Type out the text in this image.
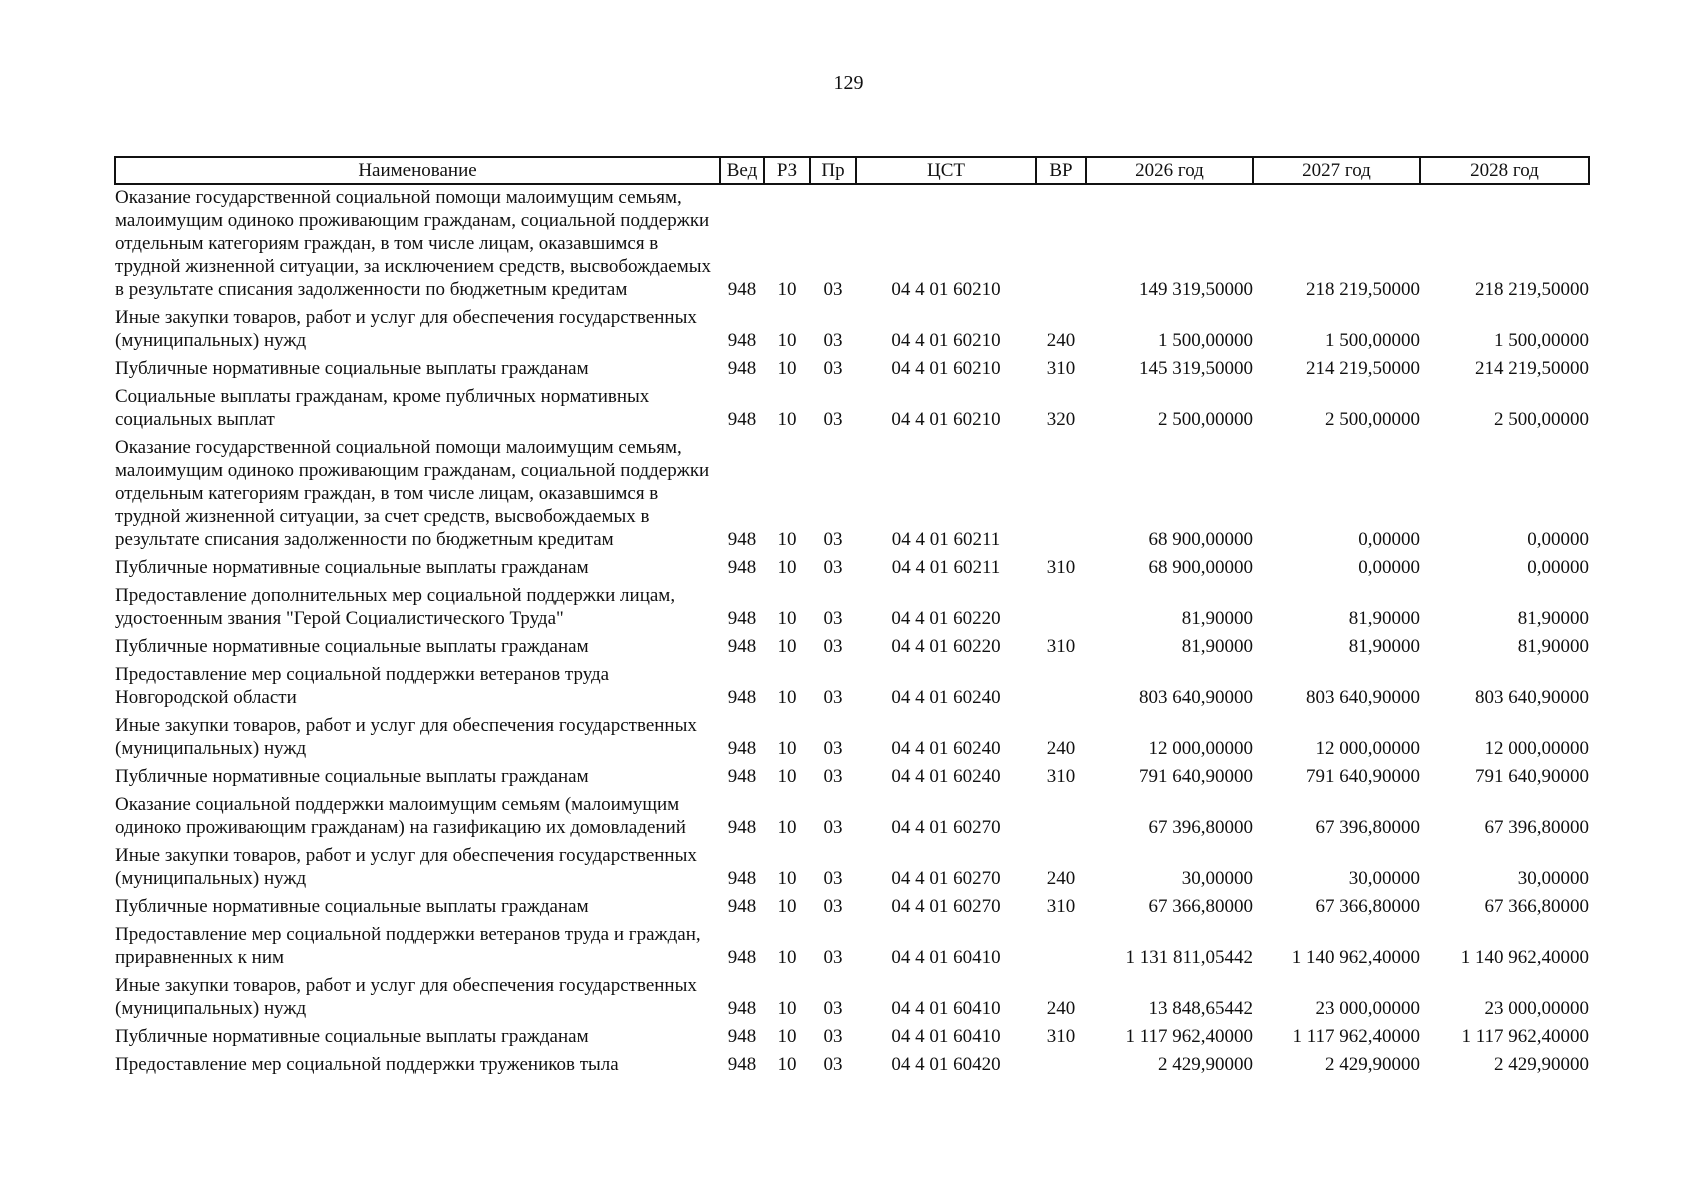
129
Наименование	Вед	РЗ	Пр	ЦСТ	ВР	2026 год	2027 год	2028 год
Оказание государственной социальной помощи малоимущим семьям, малоимущим одиноко проживающим гражданам, социальной поддержки отдельным категориям граждан, в том числе лицам, оказавшимся в трудной жизненной ситуации, за исключением средств, высвобождаемых в результате списания задолженности по бюджетным кредитам	948	10	03	04 4 01 60210		149 319,50000	218 219,50000	218 219,50000
Иные закупки товаров, работ и услуг для обеспечения государственных (муниципальных) нужд	948	10	03	04 4 01 60210	240	1 500,00000	1 500,00000	1 500,00000
Публичные нормативные социальные выплаты гражданам	948	10	03	04 4 01 60210	310	145 319,50000	214 219,50000	214 219,50000
Социальные выплаты гражданам, кроме публичных нормативных социальных выплат	948	10	03	04 4 01 60210	320	2 500,00000	2 500,00000	2 500,00000
Оказание государственной социальной помощи малоимущим семьям, малоимущим одиноко проживающим гражданам, социальной поддержки отдельным категориям граждан, в том числе лицам, оказавшимся в трудной жизненной ситуации, за счет средств, высвобождаемых в результате списания задолженности по бюджетным кредитам	948	10	03	04 4 01 60211		68 900,00000	0,00000	0,00000
Публичные нормативные социальные выплаты гражданам	948	10	03	04 4 01 60211	310	68 900,00000	0,00000	0,00000
Предоставление дополнительных мер социальной поддержки лицам, удостоенным звания "Герой Социалистического Труда"	948	10	03	04 4 01 60220		81,90000	81,90000	81,90000
Публичные нормативные социальные выплаты гражданам	948	10	03	04 4 01 60220	310	81,90000	81,90000	81,90000
Предоставление мер социальной поддержки ветеранов труда Новгородской области	948	10	03	04 4 01 60240		803 640,90000	803 640,90000	803 640,90000
Иные закупки товаров, работ и услуг для обеспечения государственных (муниципальных) нужд	948	10	03	04 4 01 60240	240	12 000,00000	12 000,00000	12 000,00000
Публичные нормативные социальные выплаты гражданам	948	10	03	04 4 01 60240	310	791 640,90000	791 640,90000	791 640,90000
Оказание социальной поддержки малоимущим семьям (малоимущим одиноко проживающим гражданам) на газификацию их домовладений	948	10	03	04 4 01 60270		67 396,80000	67 396,80000	67 396,80000
Иные закупки товаров, работ и услуг для обеспечения государственных (муниципальных) нужд	948	10	03	04 4 01 60270	240	30,00000	30,00000	30,00000
Публичные нормативные социальные выплаты гражданам	948	10	03	04 4 01 60270	310	67 366,80000	67 366,80000	67 366,80000
Предоставление мер социальной поддержки ветеранов труда и граждан, приравненных к ним	948	10	03	04 4 01 60410		1 131 811,05442	1 140 962,40000	1 140 962,40000
Иные закупки товаров, работ и услуг для обеспечения государственных (муниципальных) нужд	948	10	03	04 4 01 60410	240	13 848,65442	23 000,00000	23 000,00000
Публичные нормативные социальные выплаты гражданам	948	10	03	04 4 01 60410	310	1 117 962,40000	1 117 962,40000	1 117 962,40000
Предоставление мер социальной поддержки тружеников тыла	948	10	03	04 4 01 60420		2 429,90000	2 429,90000	2 429,90000
